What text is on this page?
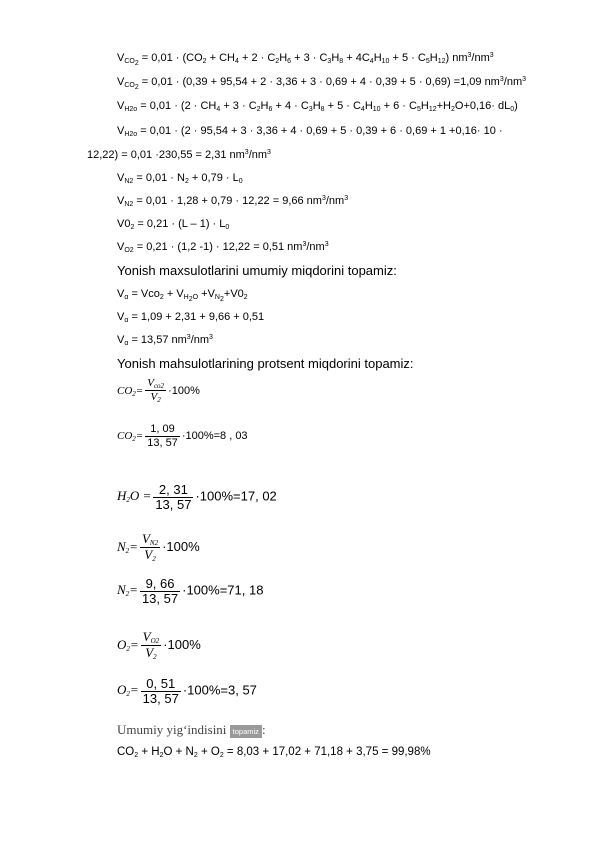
$V_{CO_2} = 0,01 \cdot (CO_2 + CH_4 + 2 \cdot C_2H_6 + 3 \cdot C_3H_8 + 4C_4H_{10} + 5 \cdot C_5H_{12})$ $nm^3/nm^3$
$V_{CO_2} = 0,01 \cdot (0,39 + 95,54 + 2 \cdot 3,36 + 3 \cdot 0,69 + 4 \cdot 0,39 + 5 \cdot 0,69) =1,09$ $nm^3/nm^3$
$V_{H2o} = 0,01 \cdot (2 \cdot CH_4 + 3 \cdot C_2H_6 + 4 \cdot C_3H_8 + 5 \cdot C_4H_{10} + 6 \cdot C_5H_{12}+H_2O+0,16\cdot dL_0)$
$V_{H2o} = 0,01 \cdot (2 \cdot 95,54 + 3 \cdot 3,36 + 4 \cdot 0,69 + 5 \cdot 0,39 + 6 \cdot 0,69 + 1 +0,16\cdot 10$ ·
12,22) = 0,01 ·230,55 = 2,31 $nm^3/nm^3$
$V_{N2} = 0,01 \cdot N_2 + 0,79 \cdot L_0$
$V_{N2} = 0,01 \cdot 1,28 + 0,79 \cdot 12,22 = 9,66$ $nm^3/nm^3$
$V0_2 = 0,21 \cdot (L - 1) \cdot L_0$
$V_{O2} = 0,21 \cdot (1,2$ -1) · 12,22 = 0,51 $nm^3/nm^3$
Yonish maxsulotlarini umumiy miqdorini topamiz:
$V_\alpha = Vco_2 + V_{H_2O} +V_{N_2}+V0_2$
$V_\alpha = 1,09 + 2,31 + 9,66 + 0,51$
$V_\alpha = 13,57$ $nm^3/nm^3$
Yonish mahsulotlarining protsent miqdorini topamiz:
$CO_2= \frac{V_{co2}}{V_2} \cdot 100\%$
$CO_2= \frac{1, 09}{13, 57} \cdot 100\%=8$ , 03
$H_2O = \frac{2, 31}{13, 57} \cdot 100\%=17$, 02
$N_2= \frac{V_{N2}}{V_2} \cdot 100\%$
$N_2= \frac{9, 66}{13, 57} \cdot 100\%=71$, 18
$O_2= \frac{V_{O2}}{V_2} \cdot 100\%$
$O_2= \frac{0, 51}{13, 57} \cdot 100\%=3$, 57
Umumiy yig‘indisini topamiz :
$CO_2 + H_2O + N_2 + O_2 = 8,03 + 17,02 + 71,18 + 3,75 = 99,98\%$
